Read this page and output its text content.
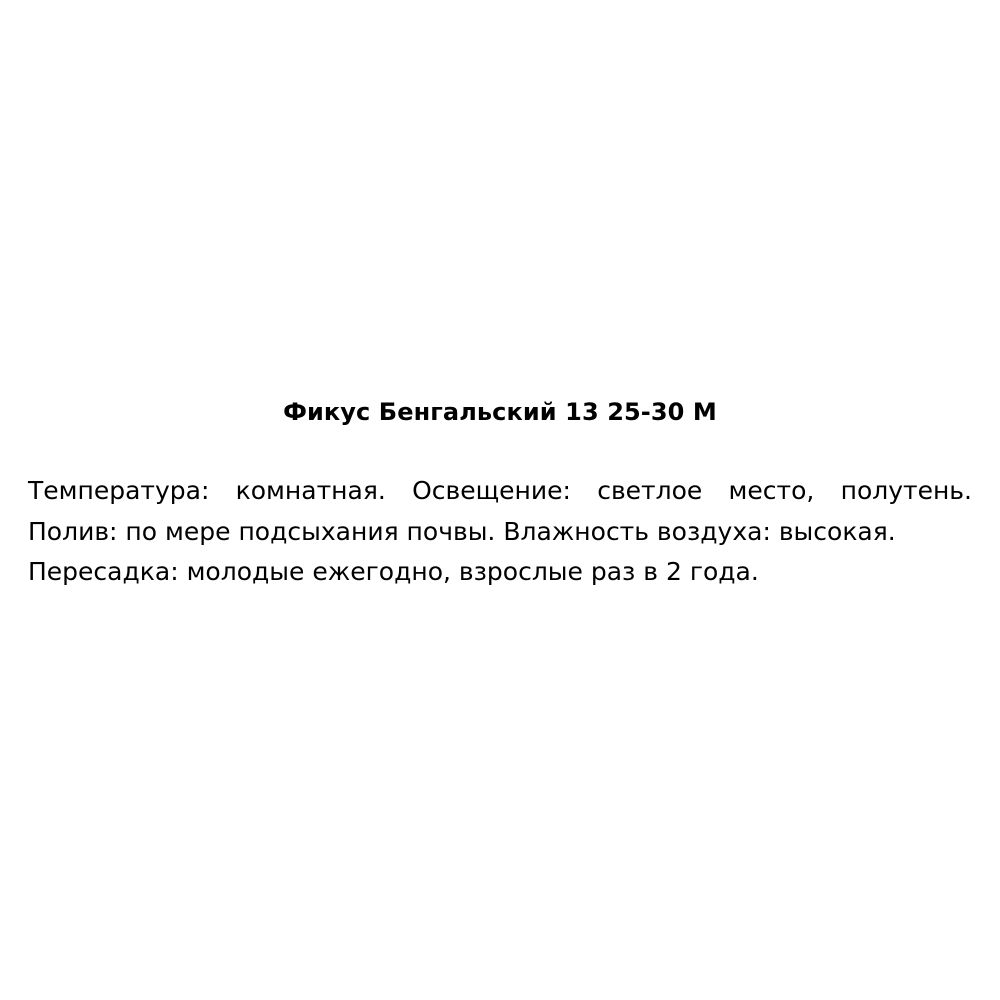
Фикус Бенгальский 13 25-30 М

Температура: комнатная. Освещение: светлое место, полутень. Полив: по мере подсыхания почвы. Влажность воздуха: высокая.
Пересадка: молодые ежегодно, взрослые раз в 2 года.
